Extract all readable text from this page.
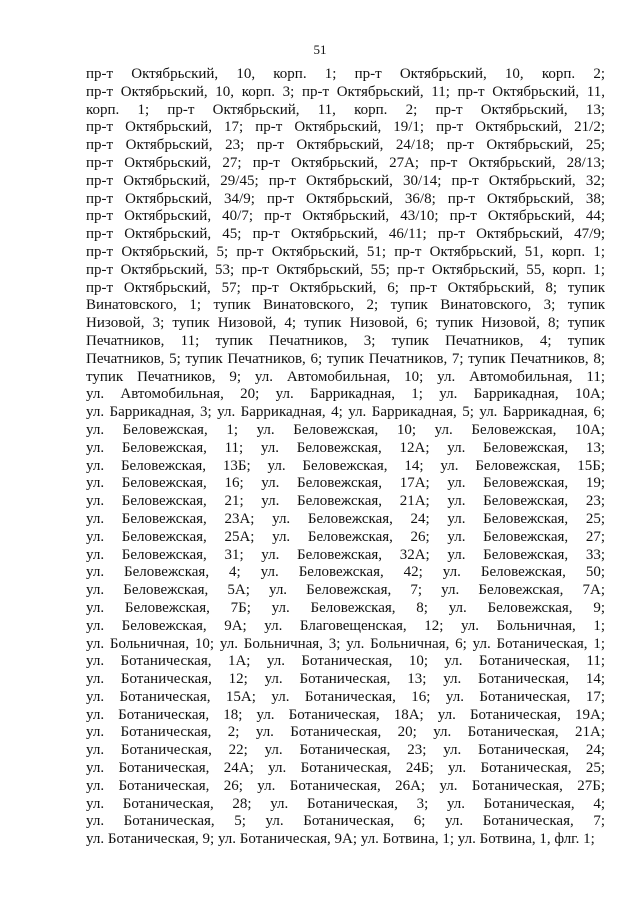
51
пр-т Октябрьский, 10, корп. 1; пр-т Октябрьский, 10, корп. 2;
пр-т Октябрьский, 10, корп. 3; пр-т Октябрьский, 11; пр-т Октябрьский, 11,
корп. 1; пр-т Октябрьский, 11, корп. 2; пр-т Октябрьский, 13;
пр-т Октябрьский, 17; пр-т Октябрьский, 19/1; пр-т Октябрьский, 21/2;
пр-т Октябрьский, 23; пр-т Октябрьский, 24/18; пр-т Октябрьский, 25;
пр-т Октябрьский, 27; пр-т Октябрьский, 27А; пр-т Октябрьский, 28/13;
пр-т Октябрьский, 29/45; пр-т Октябрьский, 30/14; пр-т Октябрьский, 32;
пр-т Октябрьский, 34/9; пр-т Октябрьский, 36/8; пр-т Октябрьский, 38;
пр-т Октябрьский, 40/7; пр-т Октябрьский, 43/10; пр-т Октябрьский, 44;
пр-т Октябрьский, 45; пр-т Октябрьский, 46/11; пр-т Октябрьский, 47/9;
пр-т Октябрьский, 5; пр-т Октябрьский, 51; пр-т Октябрьский, 51, корп. 1;
пр-т Октябрьский, 53; пр-т Октябрьский, 55; пр-т Октябрьский, 55, корп. 1;
пр-т Октябрьский, 57; пр-т Октябрьский, 6; пр-т Октябрьский, 8; тупик
Винатовского, 1; тупик Винатовского, 2; тупик Винатовского, 3; тупик
Низовой, 3; тупик Низовой, 4; тупик Низовой, 6; тупик Низовой, 8; тупик
Печатников, 11; тупик Печатников, 3; тупик Печатников, 4; тупик
Печатников, 5; тупик Печатников, 6; тупик Печатников, 7; тупик Печатников, 8;
тупик Печатников, 9; ул. Автомобильная, 10; ул. Автомобильная, 11;
ул. Автомобильная, 20; ул. Баррикадная, 1; ул. Баррикадная, 10А;
ул. Баррикадная, 3; ул. Баррикадная, 4; ул. Баррикадная, 5; ул. Баррикадная, 6;
ул. Беловежская, 1; ул. Беловежская, 10; ул. Беловежская, 10А;
ул. Беловежская, 11; ул. Беловежская, 12А; ул. Беловежская, 13;
ул. Беловежская, 13Б; ул. Беловежская, 14; ул. Беловежская, 15Б;
ул. Беловежская, 16; ул. Беловежская, 17А; ул. Беловежская, 19;
ул. Беловежская, 21; ул. Беловежская, 21А; ул. Беловежская, 23;
ул. Беловежская, 23А; ул. Беловежская, 24; ул. Беловежская, 25;
ул. Беловежская, 25А; ул. Беловежская, 26; ул. Беловежская, 27;
ул. Беловежская, 31; ул. Беловежская, 32А; ул. Беловежская, 33;
ул. Беловежская, 4; ул. Беловежская, 42; ул. Беловежская, 50;
ул. Беловежская, 5А; ул. Беловежская, 7; ул. Беловежская, 7А;
ул. Беловежская, 7Б; ул. Беловежская, 8; ул. Беловежская, 9;
ул. Беловежская, 9А; ул. Благовещенская, 12; ул. Больничная, 1;
ул. Больничная, 10; ул. Больничная, 3; ул. Больничная, 6; ул. Ботаническая, 1;
ул. Ботаническая, 1А; ул. Ботаническая, 10; ул. Ботаническая, 11;
ул. Ботаническая, 12; ул. Ботаническая, 13; ул. Ботаническая, 14;
ул. Ботаническая, 15А; ул. Ботаническая, 16; ул. Ботаническая, 17;
ул. Ботаническая, 18; ул. Ботаническая, 18А; ул. Ботаническая, 19А;
ул. Ботаническая, 2; ул. Ботаническая, 20; ул. Ботаническая, 21А;
ул. Ботаническая, 22; ул. Ботаническая, 23; ул. Ботаническая, 24;
ул. Ботаническая, 24А; ул. Ботаническая, 24Б; ул. Ботаническая, 25;
ул. Ботаническая, 26; ул. Ботаническая, 26А; ул. Ботаническая, 27Б;
ул. Ботаническая, 28; ул. Ботаническая, 3; ул. Ботаническая, 4;
ул. Ботаническая, 5; ул. Ботаническая, 6; ул. Ботаническая, 7;
ул. Ботаническая, 9; ул. Ботаническая, 9А; ул. Ботвина, 1; ул. Ботвина, 1, флг. 1;
